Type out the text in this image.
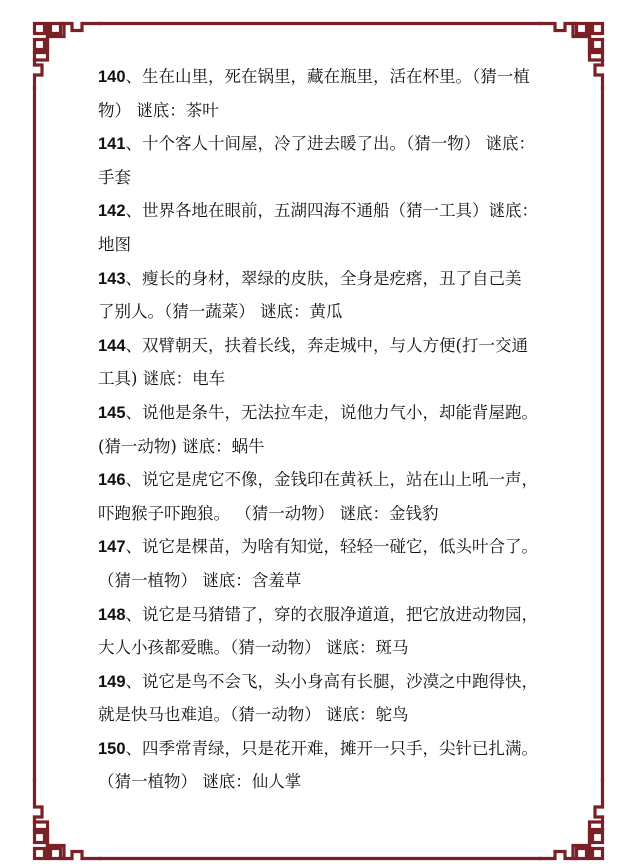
140、生在山里，死在锅里，藏在瓶里，活在杯里。（猜一植
物） 谜底：茶叶
141、十个客人十间屋，冷了进去暖了出。（猜一物） 谜底：
手套
142、世界各地在眼前，五湖四海不通船（猜一工具）谜底：
地图
143、瘦长的身材，翠绿的皮肤，全身是疙瘩，丑了自己美
了别人。（猜一蔬菜） 谜底：黄瓜
144、双臂朝天，扶着长线，奔走城中，与人方便(打一交通
工具) 谜底：电车
145、说他是条牛，无法拉车走，说他力气小，却能背屋跑。
(猜一动物) 谜底：蜗牛
146、说它是虎它不像，金钱印在黄袄上，站在山上吼一声，
吓跑猴子吓跑狼。 （猜一动物） 谜底：金钱豹
147、说它是棵苗，为啥有知觉，轻轻一碰它，低头叶合了。
（猜一植物） 谜底：含羞草
148、说它是马猜错了，穿的衣服净道道，把它放进动物园，
大人小孩都爱瞧。（猜一动物） 谜底：斑马
149、说它是鸟不会飞，头小身高有长腿，沙漠之中跑得快，
就是快马也难追。（猜一动物） 谜底：鸵鸟
150、四季常青绿，只是花开难，摊开一只手，尖针已扎满。
（猜一植物） 谜底：仙人掌
